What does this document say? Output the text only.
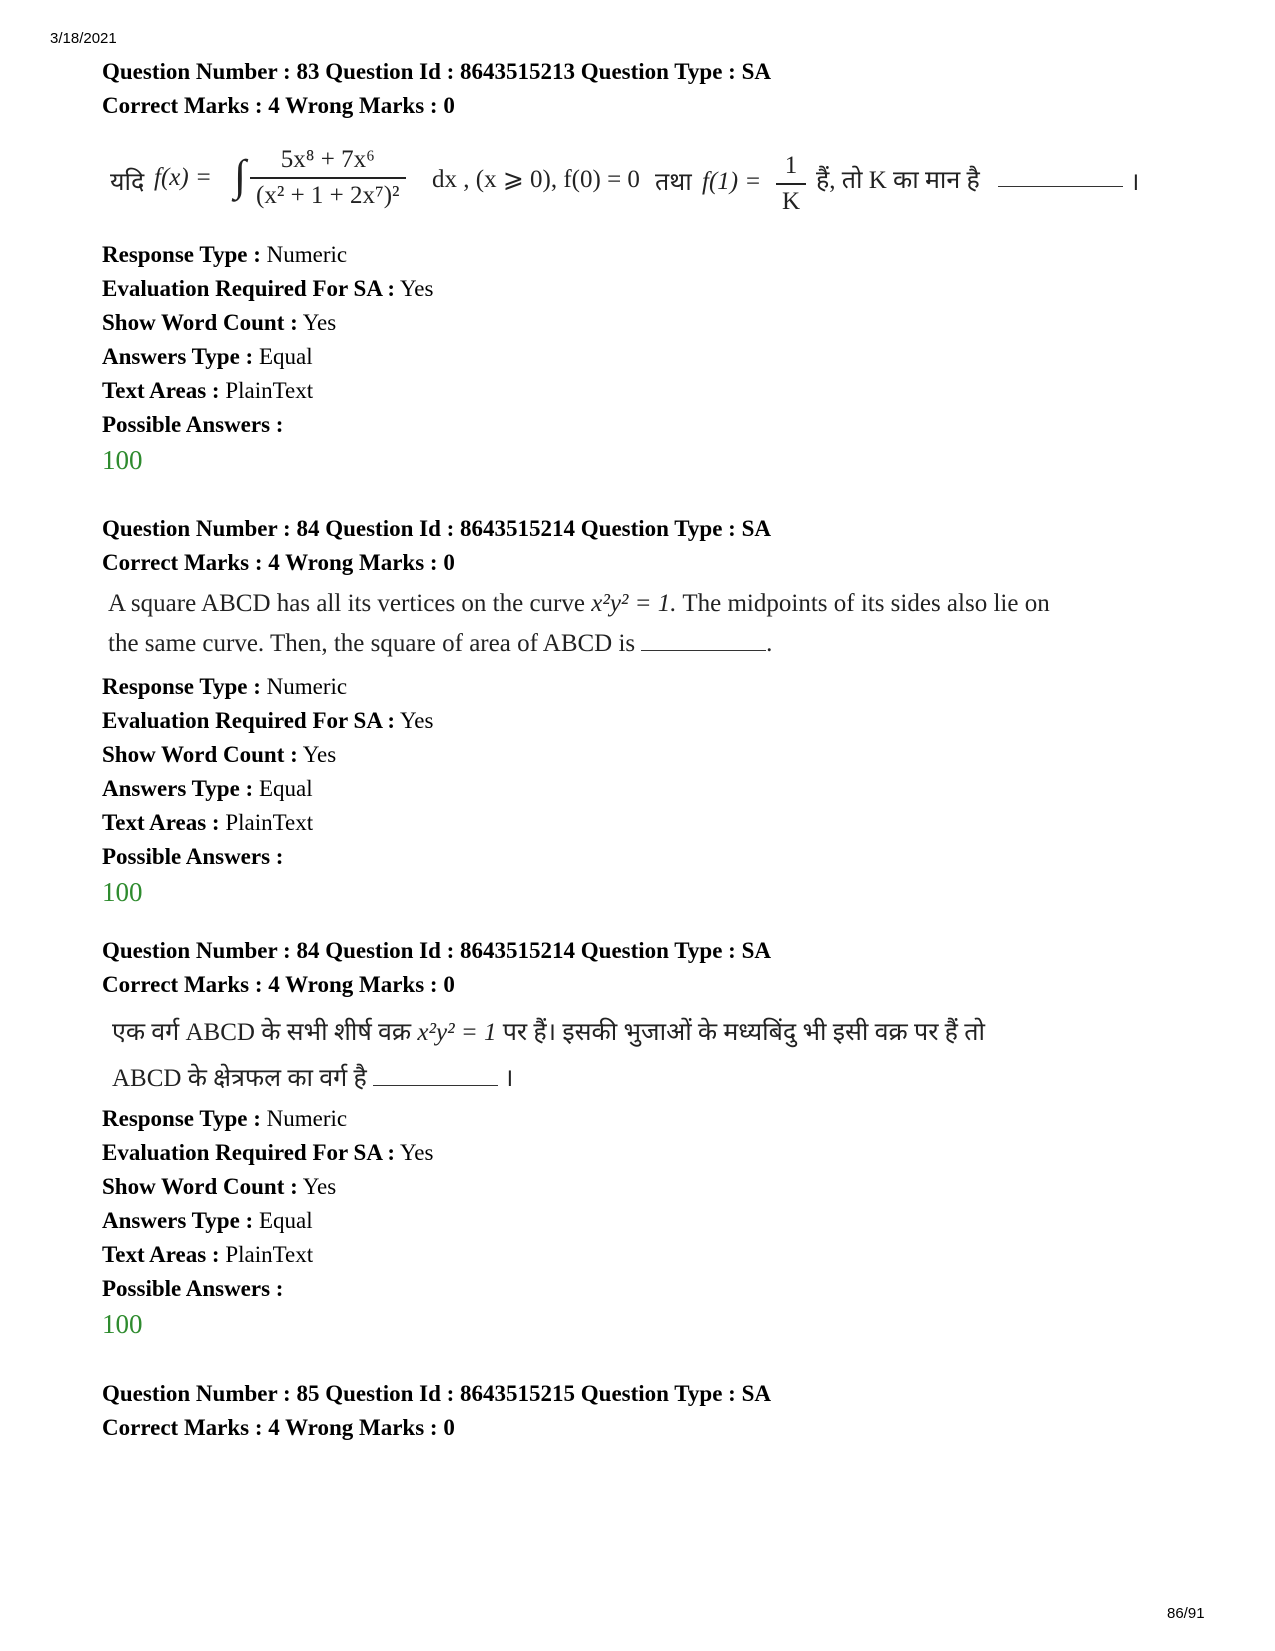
3/18/2021
Question Number : 83 Question Id : 8643515213 Question Type : SA
Correct Marks : 4 Wrong Marks : 0
यदि f(x) = ∫ $\frac{\text{5x⁸ + 7x⁶}}{\text{(x² + 1 + 2x⁷)²}}$ dx , (x ⩾ 0), f(0) = 0 तथा $f(1) = \frac{1}{K}$ हैं, तो K का मान है	।
Response Type : Numeric
Evaluation Required For SA : Yes
Show Word Count : Yes
Answers Type : Equal
Text Areas : PlainText
Possible Answers :
100
Question Number : 84 Question Id : 8643515214 Question Type : SA
Correct Marks : 4 Wrong Marks : 0
A square ABCD has all its vertices on the curve x²y² = 1. The midpoints of its sides also lie on
the same curve. Then, the square of area of ABCD is	.
Response Type : Numeric
Evaluation Required For SA : Yes
Show Word Count : Yes
Answers Type : Equal
Text Areas : PlainText
Possible Answers :
100
Question Number : 84 Question Id : 8643515214 Question Type : SA
Correct Marks : 4 Wrong Marks : 0
एक वर्ग ABCD के सभी शीर्ष वक्र x²y² = 1 पर हैं। इसकी भुजाओं के मध्यबिंदु भी इसी वक्र पर हैं तो
ABCD के क्षेत्रफल का वर्ग है	।
Response Type : Numeric
Evaluation Required For SA : Yes
Show Word Count : Yes
Answers Type : Equal
Text Areas : PlainText
Possible Answers :
100
Question Number : 85 Question Id : 8643515215 Question Type : SA
Correct Marks : 4 Wrong Marks : 0
86/91
